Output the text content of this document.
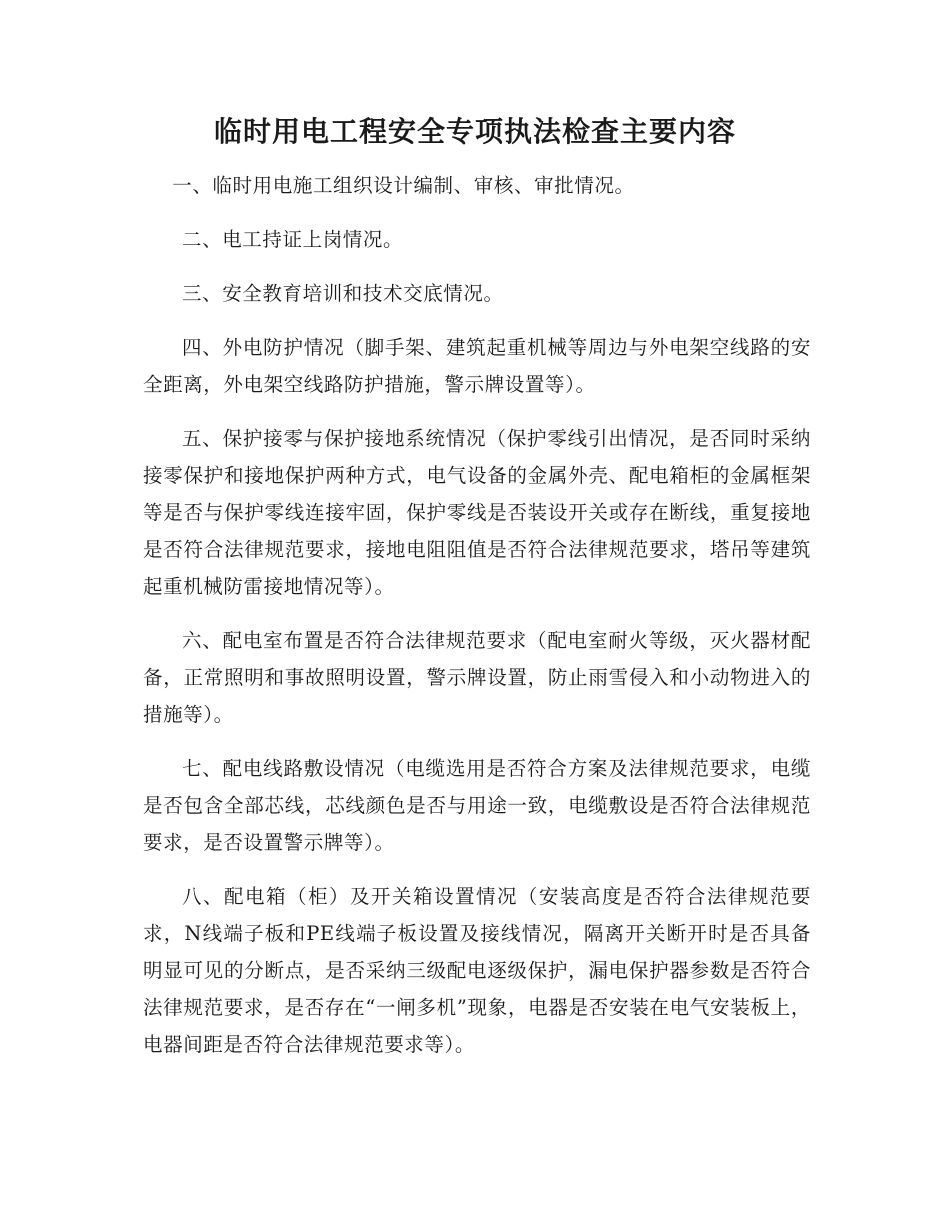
临时用电工程安全专项执法检查主要内容

一、临时用电施工组织设计编制、审核、审批情况。

二、电工持证上岗情况。

三、安全教育培训和技术交底情况。

四、外电防护情况（脚手架、建筑起重机械等周边与外电架空线路的安全距离，外电架空线路防护措施，警示牌设置等）。

五、保护接零与保护接地系统情况（保护零线引出情况，是否同时采纳接零保护和接地保护两种方式，电气设备的金属外壳、配电箱柜的金属框架等是否与保护零线连接牢固，保护零线是否装设开关或存在断线，重复接地是否符合法律规范要求，接地电阻阻值是否符合法律规范要求，塔吊等建筑起重机械防雷接地情况等）。

六、配电室布置是否符合法律规范要求（配电室耐火等级，灭火器材配备，正常照明和事故照明设置，警示牌设置，防止雨雪侵入和小动物进入的措施等）。

七、配电线路敷设情况（电缆选用是否符合方案及法律规范要求，电缆是否包含全部芯线，芯线颜色是否与用途一致，电缆敷设是否符合法律规范要求，是否设置警示牌等）。

八、配电箱（柜）及开关箱设置情况（安装高度是否符合法律规范要求，N线端子板和PE线端子板设置及接线情况，隔离开关断开时是否具备明显可见的分断点，是否采纳三级配电逐级保护，漏电保护器参数是否符合法律规范要求，是否存在“一闸多机”现象，电器是否安装在电气安装板上，电器间距是否符合法律规范要求等）。
